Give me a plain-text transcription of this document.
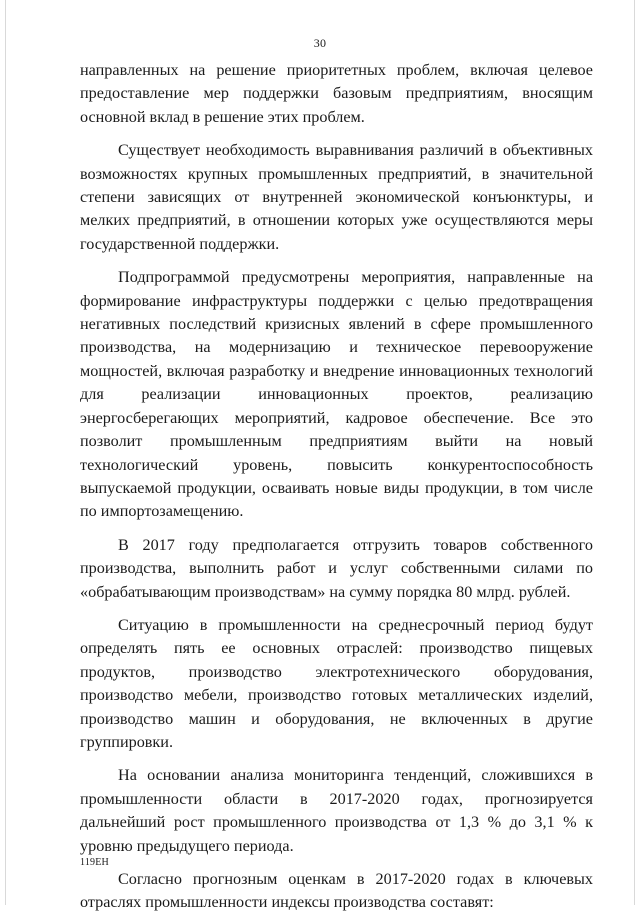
30

направленных на решение приоритетных проблем, включая целевое предоставление мер поддержки базовым предприятиям, вносящим основной вклад в решение этих проблем.

Существует необходимость выравнивания различий в объективных возможностях крупных промышленных предприятий, в значительной степени зависящих от внутренней экономической конъюнктуры, и мелких предприятий, в отношении которых уже осуществляются меры государственной поддержки.

Подпрограммой предусмотрены мероприятия, направленные на формирование инфраструктуры поддержки с целью предотвращения негативных последствий кризисных явлений в сфере промышленного производства, на модернизацию и техническое перевооружение мощностей, включая разработку и внедрение инновационных технологий для реализации инновационных проектов, реализацию энергосберегающих мероприятий, кадровое обеспечение. Все это позволит промышленным предприятиям выйти на новый технологический уровень, повысить конкурентоспособность выпускаемой продукции, осваивать новые виды продукции, в том числе по импортозамещению.

В 2017 году предполагается отгрузить товаров собственного производства, выполнить работ и услуг собственными силами по «обрабатывающим производствам» на сумму порядка 80 млрд. рублей.

Ситуацию в промышленности на среднесрочный период будут определять пять ее основных отраслей: производство пищевых продуктов, производство электротехнического оборудования, производство мебели, производство готовых металлических изделий, производство машин и оборудования, не включенных в другие группировки.

На основании анализа мониторинга тенденций, сложившихся в промышленности области в 2017-2020 годах, прогнозируется дальнейший рост промышленного производства от 1,3 % до 3,1 % к уровню предыдущего периода.

Согласно прогнозным оценкам в 2017-2020 годах в ключевых отраслях промышленности индексы производства составят:

119ЕН
